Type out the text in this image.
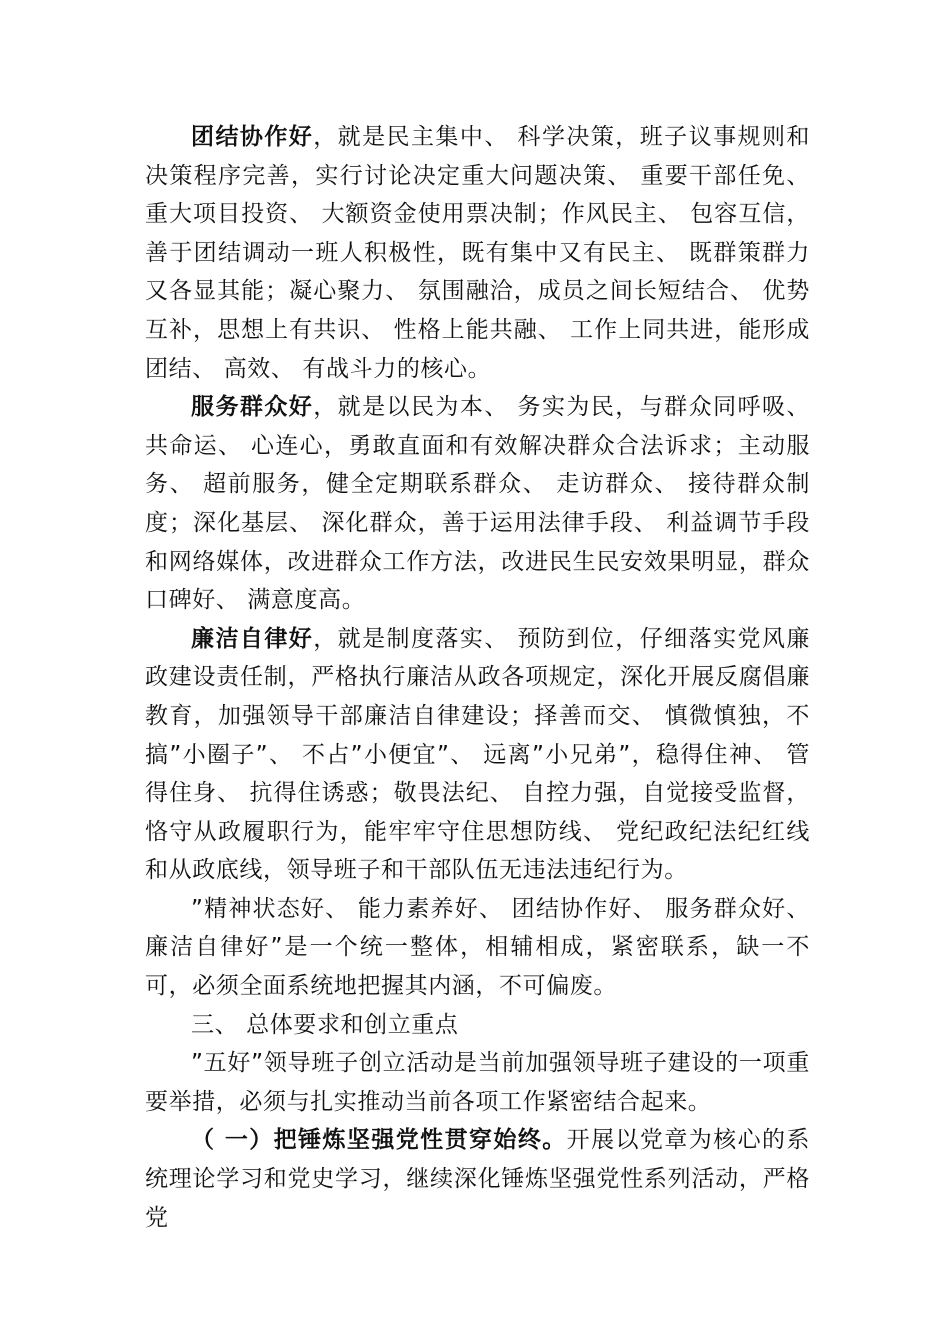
团结协作好，就是民主集中、 科学决策，班子议事规则和决策程序完善，实行讨论决定重大问题决策、 重要干部任免、 重大项目投资、 大额资金使用票决制；作风民主、 包容互信，善于团结调动一班人积极性，既有集中又有民主、 既群策群力又各显其能；凝心聚力、 氛围融洽，成员之间长短结合、 优势互补，思想上有共识、 性格上能共融、 工作上同共进，能形成团结、 高效、 有战斗力的核心。

服务群众好，就是以民为本、 务实为民，与群众同呼吸、 共命运、 心连心，勇敢直面和有效解决群众合法诉求；主动服务、 超前服务，健全定期联系群众、 走访群众、 接待群众制度；深化基层、 深化群众，善于运用法律手段、 利益调节手段和网络媒体，改进群众工作方法，改进民生民安效果明显，群众口碑好、 满意度高。

廉洁自律好，就是制度落实、 预防到位，仔细落实党风廉政建设责任制，严格执行廉洁从政各项规定，深化开展反腐倡廉教育，加强领导干部廉洁自律建设；择善而交、 慎微慎独，不搞”小圈子”、 不占”小便宜”、 远离”小兄弟”，稳得住神、 管得住身、 抗得住诱惑；敬畏法纪、 自控力强，自觉接受监督，恪守从政履职行为，能牢牢守住思想防线、 党纪政纪法纪红线和从政底线，领导班子和干部队伍无违法违纪行为。

”精神状态好、 能力素养好、 团结协作好、 服务群众好、 廉洁自律好”是一个统一整体，相辅相成，紧密联系，缺一不可，必须全面系统地把握其内涵，不可偏废。

三、 总体要求和创立重点

”五好”领导班子创立活动是当前加强领导班子建设的一项重要举措，必须与扎实推动当前各项工作紧密结合起来。

（ 一）把锤炼坚强党性贯穿始终。开展以党章为核心的系统理论学习和党史学习，继续深化锤炼坚强党性系列活动，严格党
